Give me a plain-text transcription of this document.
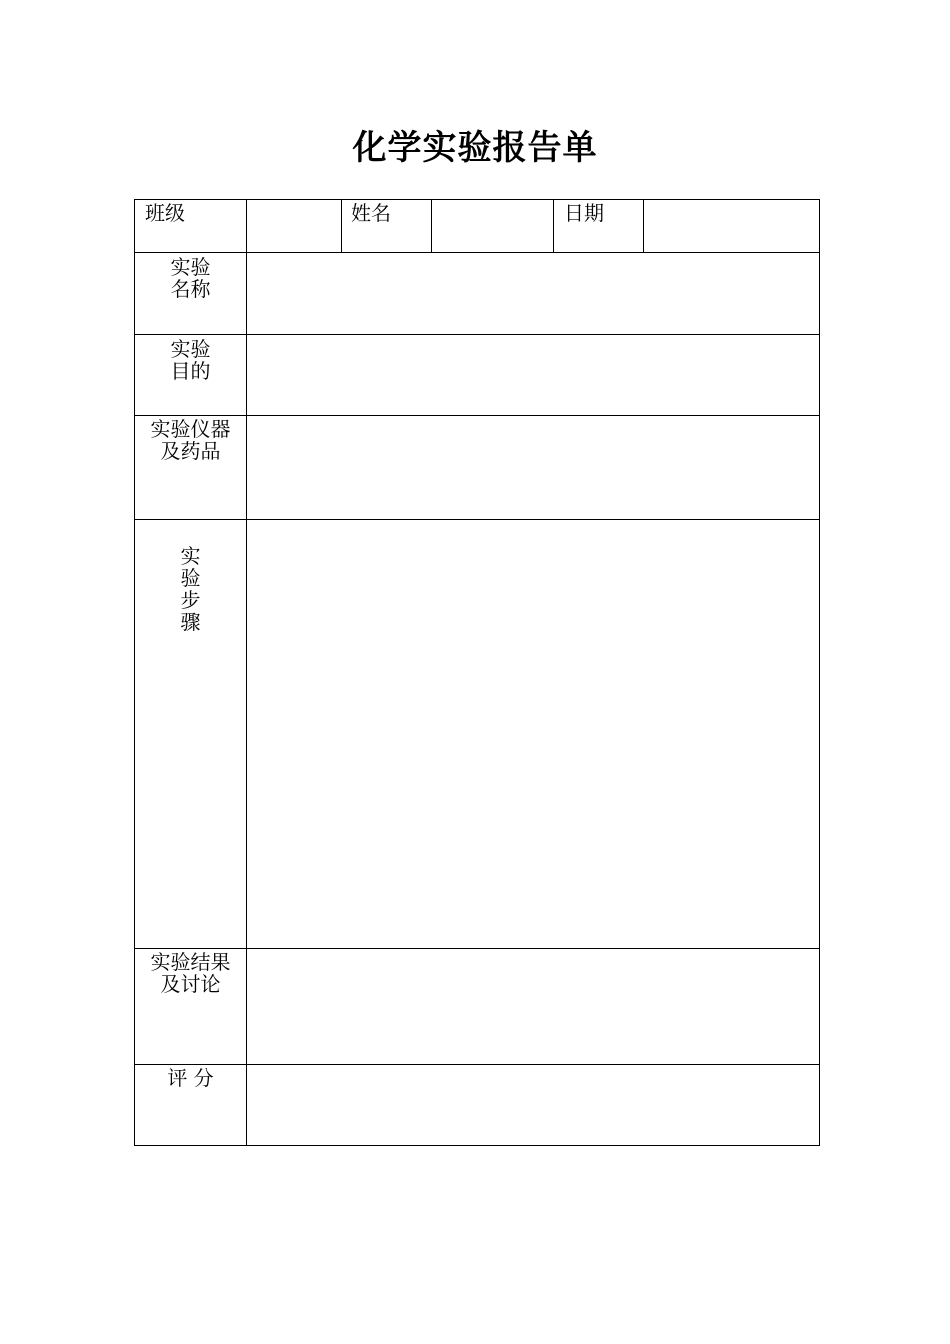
化学实验报告单
班级	姓名	日期
实验
名称
实验
目的
实验仪器
及药品
实
验
步
骤
实验结果
及讨论
评 分
